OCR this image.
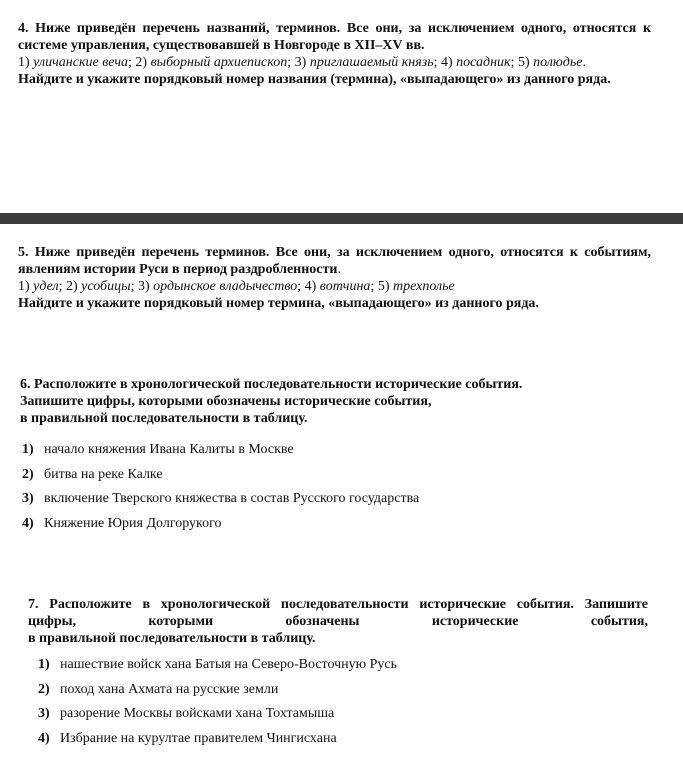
4. Ниже приведён перечень названий, терминов. Все они, за исключением одного, относятся к системе управления, существовавшей в Новгороде в XII–XV вв.
1) уличанские веча; 2) выборный архиепископ; 3) приглашаемый князь; 4) посадник; 5) полюдье.
Найдите и укажите порядковый номер названия (термина), «выпадающего» из данного ряда.
5. Ниже приведён перечень терминов. Все они, за исключением одного, относятся к событиям, явлениям истории Руси в период раздробленности.
1) удел; 2) усобицы; 3) ордынское владычество; 4) вотчина; 5) трехполье
Найдите и укажите порядковый номер термина, «выпадающего» из данного ряда.
6. Расположите в хронологической последовательности исторические события.
Запишите цифры, которыми обозначены исторические события,
в правильной последовательности в таблицу.
1) начало княжения Ивана Калиты в Москве
2) битва на реке Калке
3) включение Тверского княжества в состав Русского государства
4) Княжение Юрия Долгорукого
7. Расположите в хронологической последовательности исторические события. Запишите цифры, которыми обозначены исторические события,
в правильной последовательности в таблицу.
1) нашествие войск хана Батыя на Северо-Восточную Русь
2) поход хана Ахмата на русские земли
3) разорение Москвы войсками хана Тохтамыша
4) Избрание на курултае правителем Чингисхана
